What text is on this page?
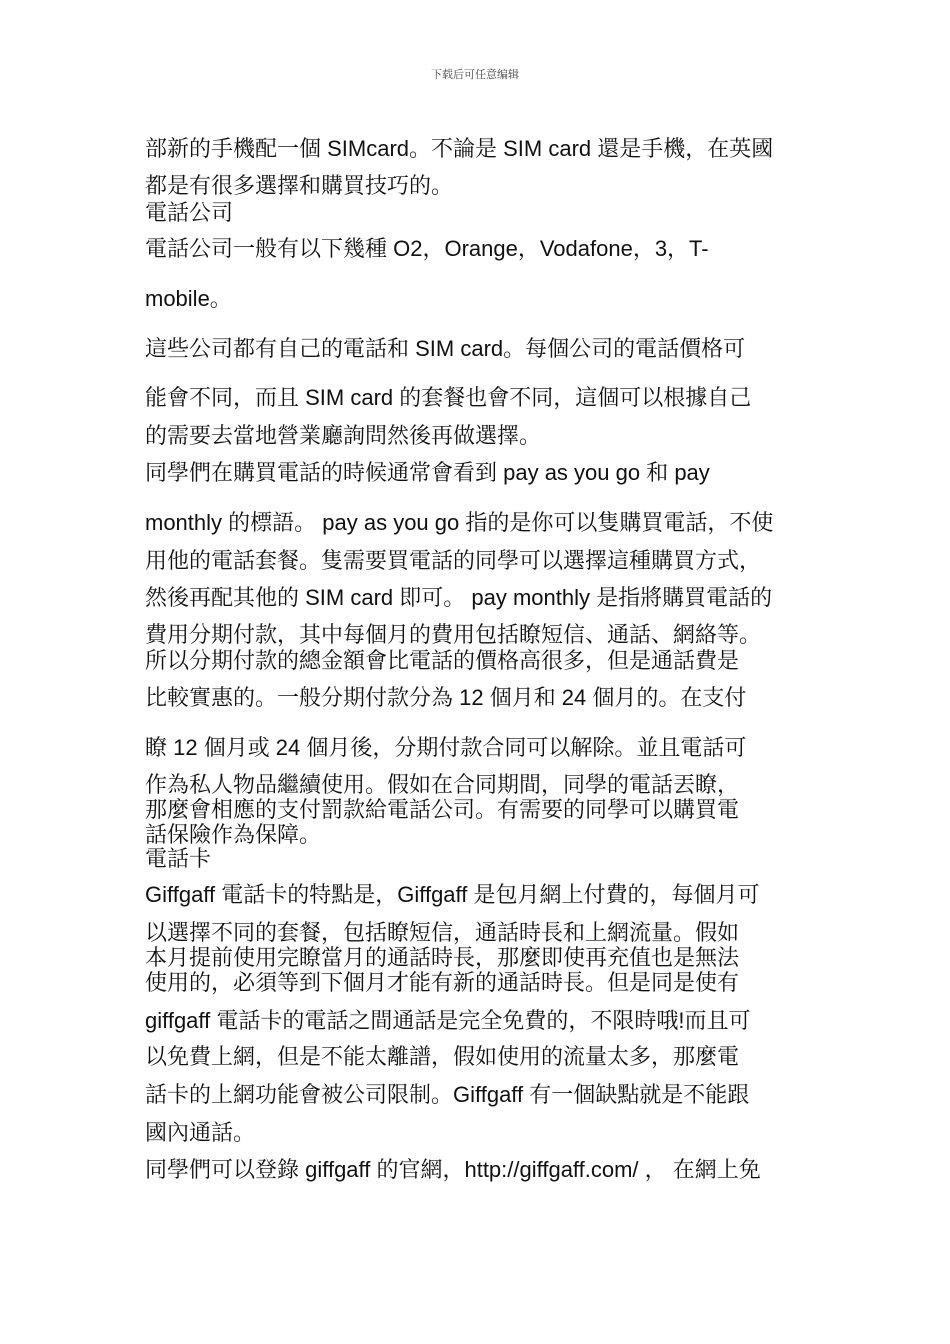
下载后可任意编辑
部新的手機配一個 SIMcard。不論是 SIM card 還是手機，在英國
都是有很多選擇和購買技巧的。
電話公司
電話公司一般有以下幾種 O2，Orange，Vodafone，3，T-
mobile。
這些公司都有自己的電話和 SIM card。每個公司的電話價格可
能會不同，而且 SIM card 的套餐也會不同，這個可以根據自己
的需要去當地營業廳詢問然後再做選擇。
同學們在購買電話的時候通常會看到 pay as you go 和 pay
monthly 的標語。 pay as you go 指的是你可以隻購買電話，不使
用他的電話套餐。隻需要買電話的同學可以選擇這種購買方式，
然後再配其他的 SIM card 即可。 pay monthly 是指將購買電話的
費用分期付款，其中每個月的費用包括瞭短信、通話、網絡等。
所以分期付款的總金額會比電話的價格高很多，但是通話費是
比較實惠的。一般分期付款分為 12 個月和 24 個月的。在支付
瞭 12 個月或 24 個月後，分期付款合同可以解除。並且電話可
作為私人物品繼續使用。假如在合同期間，同學的電話丟瞭，
那麼會相應的支付罰款給電話公司。有需要的同學可以購買電
話保險作為保障。
電話卡
Giffgaff 電話卡的特點是，Giffgaff 是包月網上付費的，每個月可
以選擇不同的套餐，包括瞭短信，通話時長和上網流量。假如
本月提前使用完瞭當月的通話時長，那麼即使再充值也是無法
使用的，必須等到下個月才能有新的通話時長。但是同是使有
giffgaff 電話卡的電話之間通話是完全免費的，不限時哦!而且可
以免費上網，但是不能太離譜，假如使用的流量太多，那麼電
話卡的上網功能會被公司限制。Giffgaff 有一個缺點就是不能跟
國內通話。
同學們可以登錄 giffgaff 的官網，http://giffgaff.com/ ， 在網上免
